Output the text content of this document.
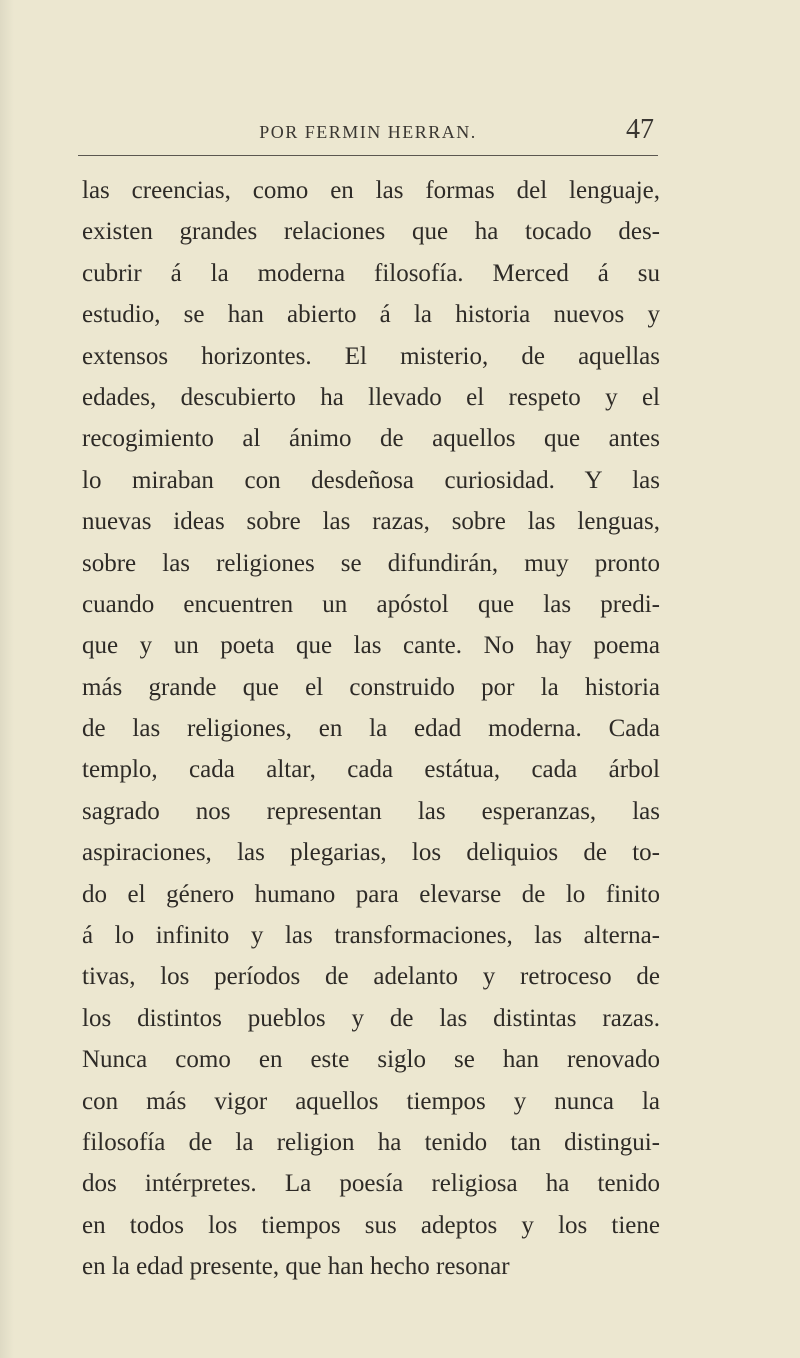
POR FERMIN HERRAN.	47
las creencias, como en las formas del lenguaje,
existen grandes relaciones que ha tocado des-
cubrir á la moderna filosofía. Merced á su
estudio, se han abierto á la historia nuevos y
extensos horizontes. El misterio, de aquellas
edades, descubierto ha llevado el respeto y el
recogimiento al ánimo de aquellos que antes
lo miraban con desdeñosa curiosidad. Y las
nuevas ideas sobre las razas, sobre las lenguas,
sobre las religiones se difundirán, muy pronto
cuando encuentren un apóstol que las predi-
que y un poeta que las cante. No hay poema
más grande que el construido por la historia
de las religiones, en la edad moderna. Cada
templo, cada altar, cada estátua, cada árbol
sagrado nos representan las esperanzas, las
aspiraciones, las plegarias, los deliquios de to-
do el género humano para elevarse de lo finito
á lo infinito y las transformaciones, las alterna-
tivas, los períodos de adelanto y retroceso de
los distintos pueblos y de las distintas razas.
Nunca como en este siglo se han renovado
con más vigor aquellos tiempos y nunca la
filosofía de la religion ha tenido tan distingui-
dos intérpretes. La poesía religiosa ha tenido
en todos los tiempos sus adeptos y los tiene
en la edad presente, que han hecho resonar
